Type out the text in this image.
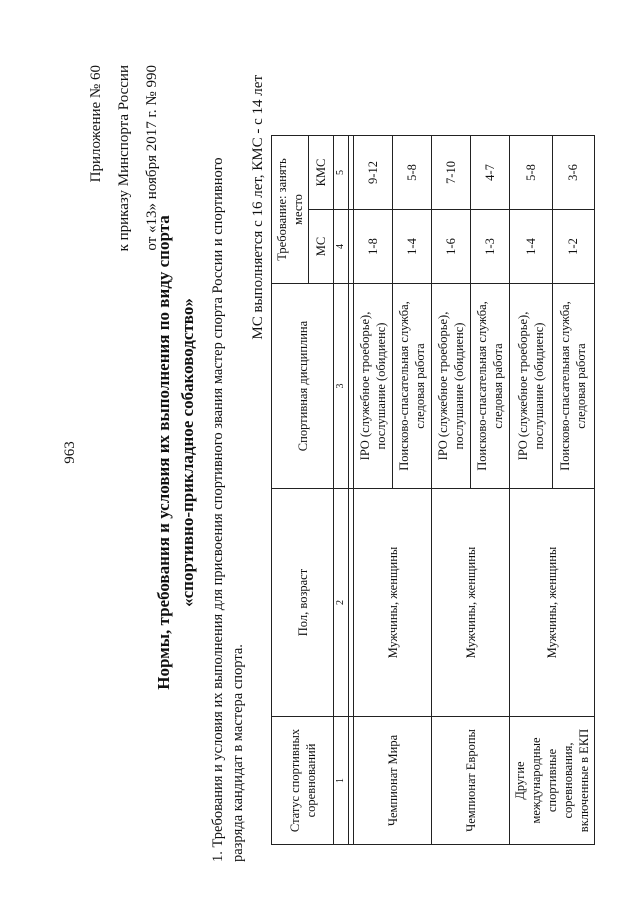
963
Приложение № 60 к приказу Минспорта России от «13» ноября 2017 г. № 990
Нормы, требования и условия их выполнения по виду спорта «спортивно-прикладное собаководство» 1. Требования и условия их выполнения для присвоения спортивного звания мастер спорта России и спортивного разряда кандидат в мастера спорта.
МС выполняется с 16 лет, КМС - с 14 лет
Статус спортивных соревнований	Пол, возраст	Спортивная дисциплина	Требование: занять место	
			МС	КМС
1	2	3	4	5

Чемпионат Мира	Мужчины, женщины	IPO (служебное троеборье), послушание (обидиенс)	1-8	9-12
		Поисково-спасательная служба, следовая работа	1-4	5-8
Чемпионат Европы	Мужчины, женщины	IPO (служебное троеборье), послушание (обидиенс)	1-6	7-10
		Поисково-спасательная служба, следовая работа	1-3	4-7
Другие международные спортивные соревнования, включенные в ЕКП	Мужчины, женщины	IPO (служебное троеборье), послушание (обидиенс)	1-4	5-8
		Поисково-спасательная служба, следовая работа	1-2	3-6
